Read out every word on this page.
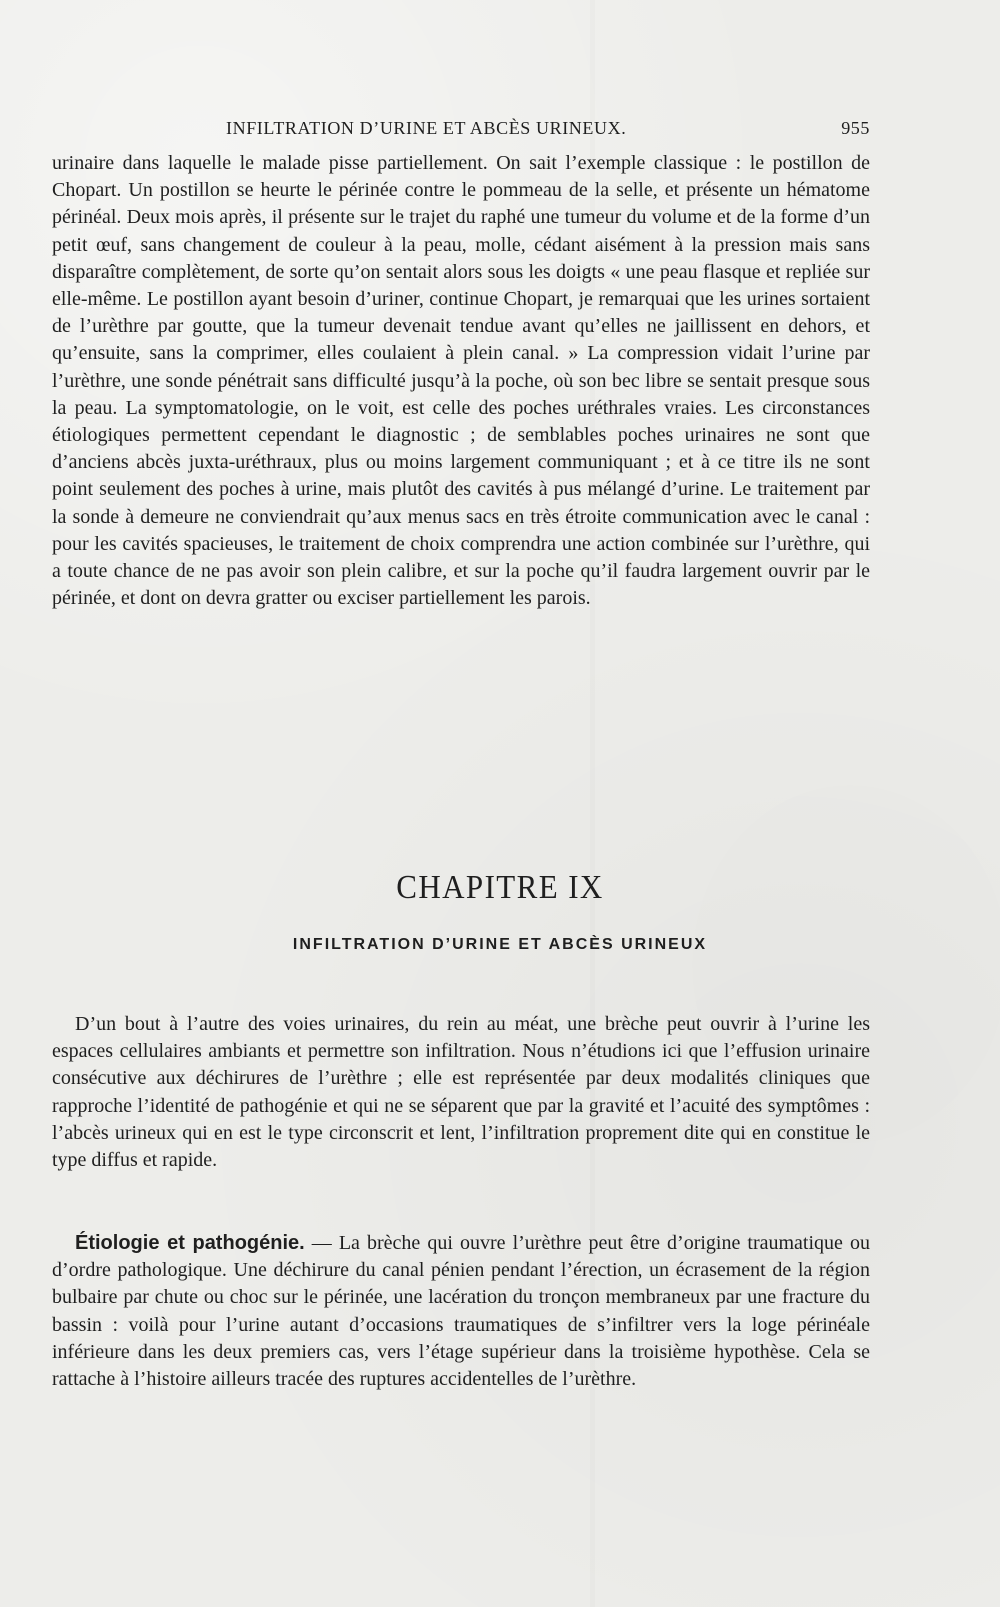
INFILTRATION D’URINE ET ABCÈS URINEUX.	955

urinaire dans laquelle le malade pisse partiellement. On sait l’exemple classique : le postillon de Chopart. Un postillon se heurte le périnée contre le pommeau de la selle, et présente un hématome périnéal. Deux mois après, il présente sur le trajet du raphé une tumeur du volume et de la forme d’un petit œuf, sans changement de couleur à la peau, molle, cédant aisément à la pression mais sans disparaître complètement, de sorte qu’on sentait alors sous les doigts « une peau flasque et repliée sur elle-même. Le postillon ayant besoin d’uriner, continue Chopart, je remarquai que les urines sortaient de l’urèthre par goutte, que la tumeur devenait tendue avant qu’elles ne jaillissent en dehors, et qu’ensuite, sans la comprimer, elles coulaient à plein canal. » La compression vidait l’urine par l’urèthre, une sonde pénétrait sans difficulté jusqu’à la poche, où son bec libre se sentait presque sous la peau. La symptomatologie, on le voit, est celle des poches uréthrales vraies. Les circonstances étiologiques permettent cependant le diagnostic ; de semblables poches urinaires ne sont que d’anciens abcès juxta-uréthraux, plus ou moins largement communiquant ; et à ce titre ils ne sont point seulement des poches à urine, mais plutôt des cavités à pus mélangé d’urine. Le traitement par la sonde à demeure ne conviendrait qu’aux menus sacs en très étroite communication avec le canal : pour les cavités spacieuses, le traitement de choix comprendra une action combinée sur l’urèthre, qui a toute chance de ne pas avoir son plein calibre, et sur la poche qu’il faudra largement ouvrir par le périnée, et dont on devra gratter ou exciser partiellement les parois.

CHAPITRE IX
INFILTRATION D’URINE ET ABCÈS URINEUX

D’un bout à l’autre des voies urinaires, du rein au méat, une brèche peut ouvrir à l’urine les espaces cellulaires ambiants et permettre son infiltration. Nous n’étudions ici que l’effusion urinaire consécutive aux déchirures de l’urèthre ; elle est représentée par deux modalités cliniques que rapproche l’identité de pathogénie et qui ne se séparent que par la gravité et l’acuité des symptômes : l’abcès urineux qui en est le type circonscrit et lent, l’infiltration proprement dite qui en constitue le type diffus et rapide.

Étiologie et pathogénie. — La brèche qui ouvre l’urèthre peut être d’origine traumatique ou d’ordre pathologique. Une déchirure du canal pénien pendant l’érection, un écrasement de la région bulbaire par chute ou choc sur le périnée, une lacération du tronçon membraneux par une fracture du bassin : voilà pour l’urine autant d’occasions traumatiques de s’infiltrer vers la loge périnéale inférieure dans les deux premiers cas, vers l’étage supérieur dans la troisième hypothèse. Cela se rattache à l’histoire ailleurs tracée des ruptures accidentelles de l’urèthre.
